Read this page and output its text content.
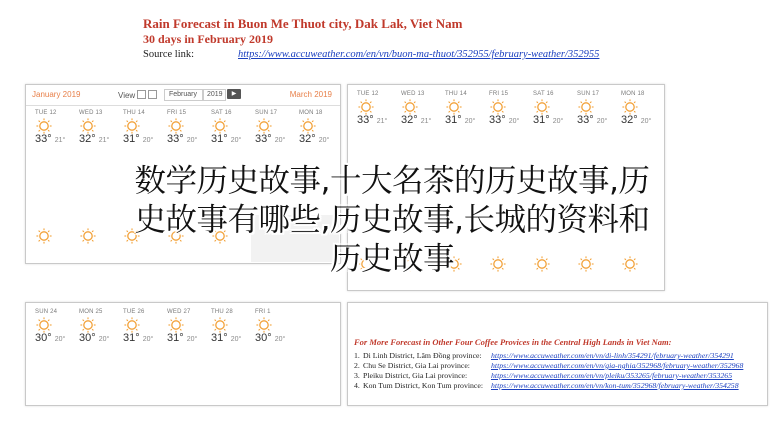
Rain Forecast in Buon Me Thuot city, Dak Lak, Viet Nam
30 days in February 2019
Source link:	https://www.accuweather.com/en/vn/buon-ma-thuot/352955/february-weather/352955
January 2019	View	February	2019	▶	March 2019
TUE 12
33° 21°
WED 13
32° 21°
THU 14
31° 20°
FRI 15
33° 20°
SAT 16
31° 20°
SUN 17
33° 20°
MON 18
32° 20°
TUE 12
33° 21°
WED 13
32° 21°
THU 14
31° 20°
FRI 15
33° 20°
SAT 16
31° 20°
SUN 17
33° 20°
MON 18
32° 20°
SUN 24
30° 20°
MON 25
30° 20°
TUE 26
31° 20°
WED 27
31° 20°
THU 28
31° 20°
FRI 1
30° 20°	For More Forecast in Other Four Coffee Provices in the Central High Lands in Viet Nam:
1. Di Linh District, Lâm Đồng province: https://www.accuweather.com/en/vn/di-linh/354291/february-weather/354291
2. Chu Se District, Gia Lai province:	https://www.accuweather.com/en/vn/gia-nghia/352968/february-weather/352968
3. Pleiku District, Gia Lai province:	https://www.accuweather.com/en/vn/pleiku/353265/february-weather/353265
4. Kon Tum District, Kon Tum province: https://www.accuweather.com/en/vn/kon-tum/352968/february-weather/354258
数学历史故事,十大名茶的历史故事,历
史故事有哪些,历史故事,长城的资料和
历史故事
